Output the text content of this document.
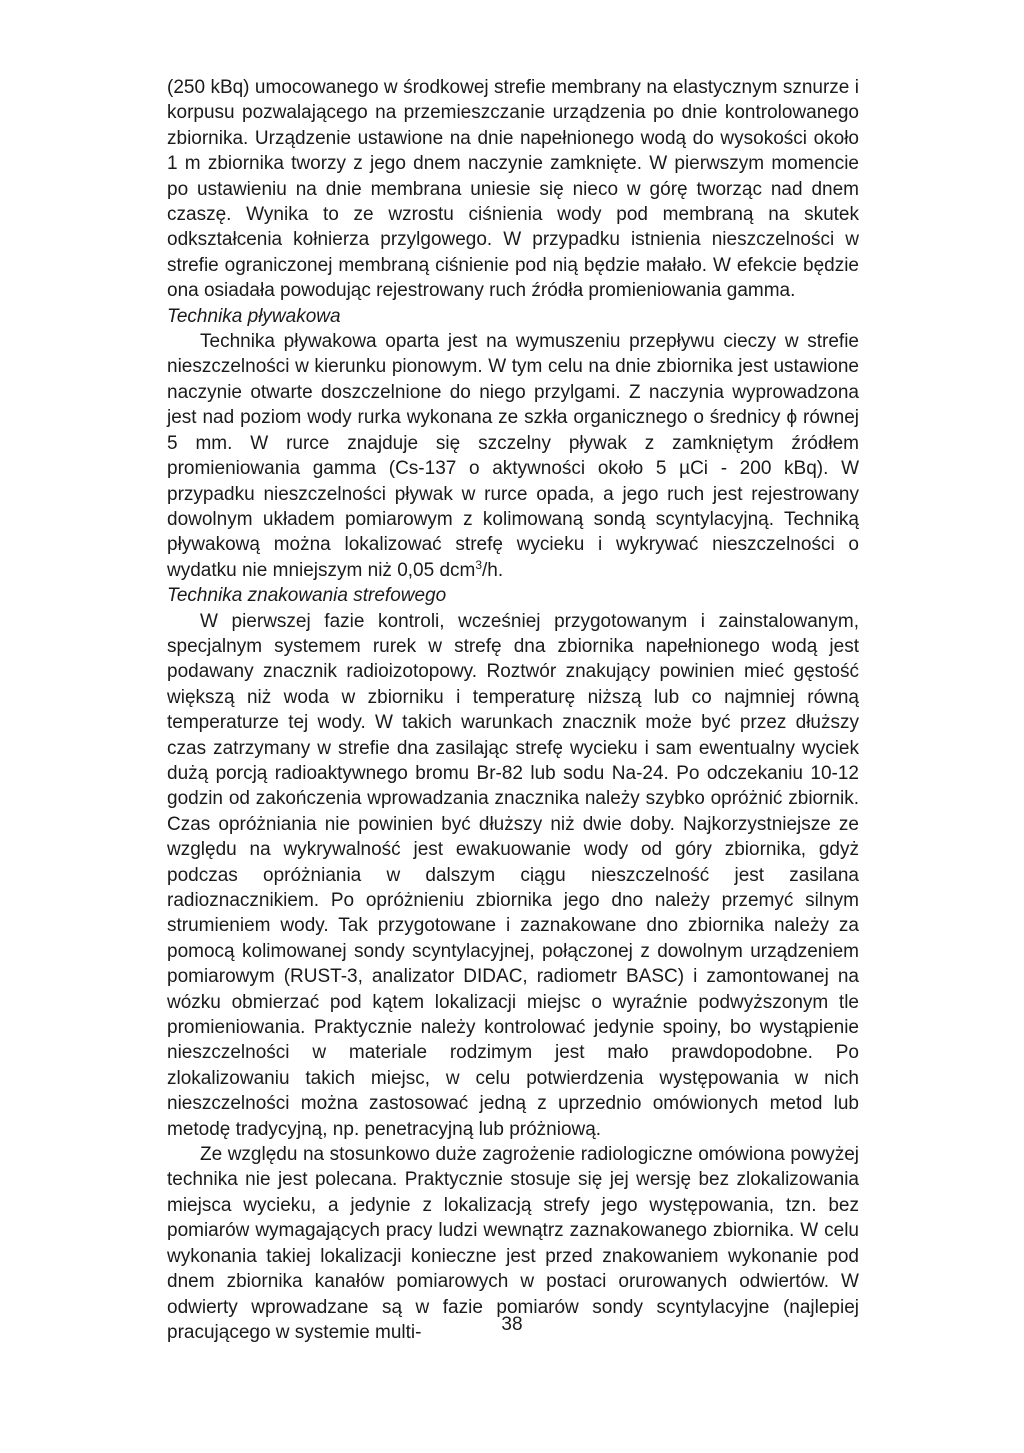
(250 kBq) umocowanego w środkowej strefie membrany na elastycznym sznurze i korpusu pozwalającego na przemieszczanie urządzenia po dnie kontrolowanego zbiornika. Urządzenie ustawione na dnie napełnionego wodą do wysokości około 1 m zbiornika tworzy z jego dnem naczynie zamknięte. W pierwszym momencie po ustawieniu na dnie membrana uniesie się nieco w górę tworząc nad dnem czaszę. Wynika to ze wzrostu ciśnienia wody pod membraną na skutek odkształcenia kołnierza przylgowego. W przypadku istnienia nieszczelności w strefie ograniczonej membraną ciśnienie pod nią będzie małało. W efekcie będzie ona osiadała powodując rejestrowany ruch źródła promieniowania gamma.

Technika pływakowa

Technika pływakowa oparta jest na wymuszeniu przepływu cieczy w strefie nieszczelności w kierunku pionowym. W tym celu na dnie zbiornika jest ustawione naczynie otwarte doszczelnione do niego przylgami. Z naczynia wyprowadzona jest nad poziom wody rurka wykonana ze szkła organicznego o średnicy ϕ równej 5 mm. W rurce znajduje się szczelny pływak z zamkniętym źródłem promieniowania gamma (Cs-137 o aktywności około 5 µCi - 200 kBq). W przypadku nieszczelności pływak w rurce opada, a jego ruch jest rejestrowany dowolnym układem pomiarowym z kolimowaną sondą scyntylacyjną. Techniką pływakową można lokalizować strefę wycieku i wykrywać nieszczelności o wydatku nie mniejszym niż 0,05 dcm$^3$/h.

Technika znakowania strefowego

W pierwszej fazie kontroli, wcześniej przygotowanym i zainstalowanym, specjalnym systemem rurek w strefę dna zbiornika napełnionego wodą jest podawany znacznik radioizotopowy. Roztwór znakujący powinien mieć gęstość większą niż woda w zbiorniku i temperaturę niższą lub co najmniej równą temperaturze tej wody. W takich warunkach znacznik może być przez dłuższy czas zatrzymany w strefie dna zasilając strefę wycieku i sam ewentualny wyciek dużą porcją radioaktywnego bromu Br-82 lub sodu Na-24. Po odczekaniu 10-12 godzin od zakończenia wprowadzania znacznika należy szybko opróżnić zbiornik. Czas opróżniania nie powinien być dłuższy niż dwie doby. Najkorzystniejsze ze względu na wykrywalność jest ewakuowanie wody od góry zbiornika, gdyż podczas opróżniania w dalszym ciągu nieszczelność jest zasilana radioznacznikiem. Po opróżnieniu zbiornika jego dno należy przemyć silnym strumieniem wody. Tak przygotowane i zaznakowane dno zbiornika należy za pomocą kolimowanej sondy scyntylacyjnej, połączonej z dowolnym urządzeniem pomiarowym (RUST-3, analizator DIDAC, radiometr BASC) i zamontowanej na wózku obmierzać pod kątem lokalizacji miejsc o wyraźnie podwyższonym tle promieniowania. Praktycznie należy kontrolować jedynie spoiny, bo wystąpienie nieszczelności w materiale rodzimym jest mało prawdopodobne. Po zlokalizowaniu takich miejsc, w celu potwierdzenia występowania w nich nieszczelności można zastosować jedną z uprzednio omówionych metod lub metodę tradycyjną, np. penetracyjną lub próżniową.

Ze względu na stosunkowo duże zagrożenie radiologiczne omówiona powyżej technika nie jest polecana. Praktycznie stosuje się jej wersję bez zlokalizowania miejsca wycieku, a jedynie z lokalizacją strefy jego występowania, tzn. bez pomiarów wymagających pracy ludzi wewnątrz zaznakowanego zbiornika. W celu wykonania takiej lokalizacji konieczne jest przed znakowaniem wykonanie pod dnem zbiornika kanałów pomiarowych w postaci orurowanych odwiertów. W odwierty wprowadzane są w fazie pomiarów sondy scyntylacyjne (najlepiej pracującego w systemie multi-	38
